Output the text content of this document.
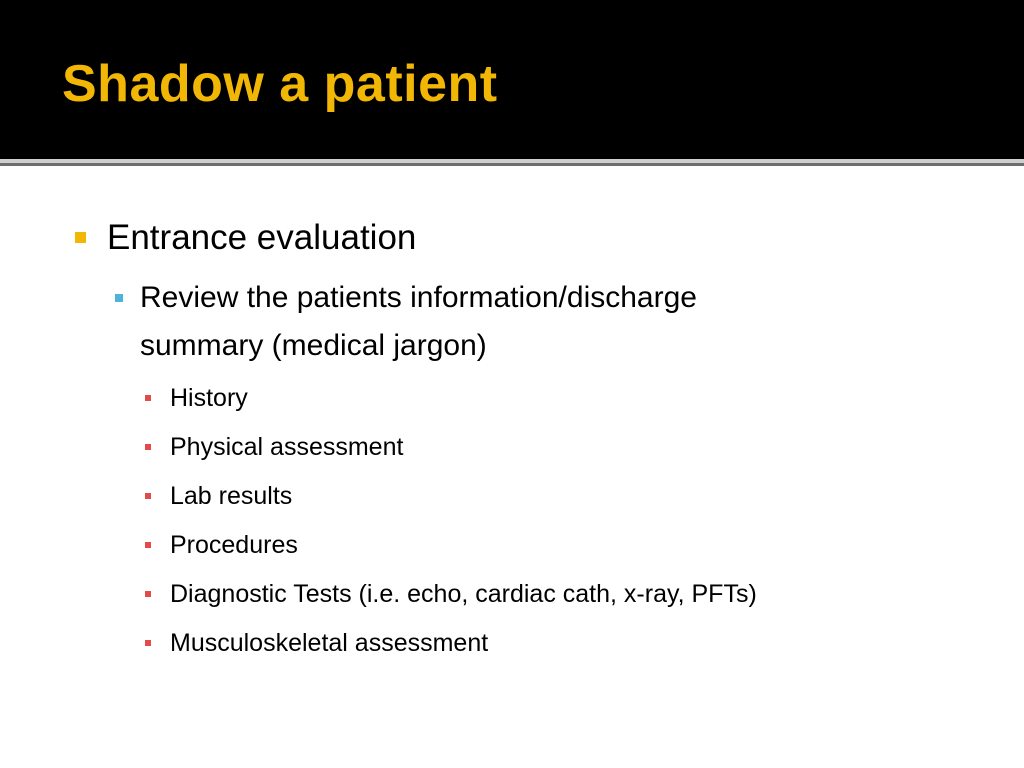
Shadow a patient
Entrance evaluation
Review the patients information/discharge
summary (medical jargon)
History
Physical assessment
Lab results
Procedures
Diagnostic Tests (i.e. echo, cardiac cath, x-ray, PFTs)
Musculoskeletal assessment
